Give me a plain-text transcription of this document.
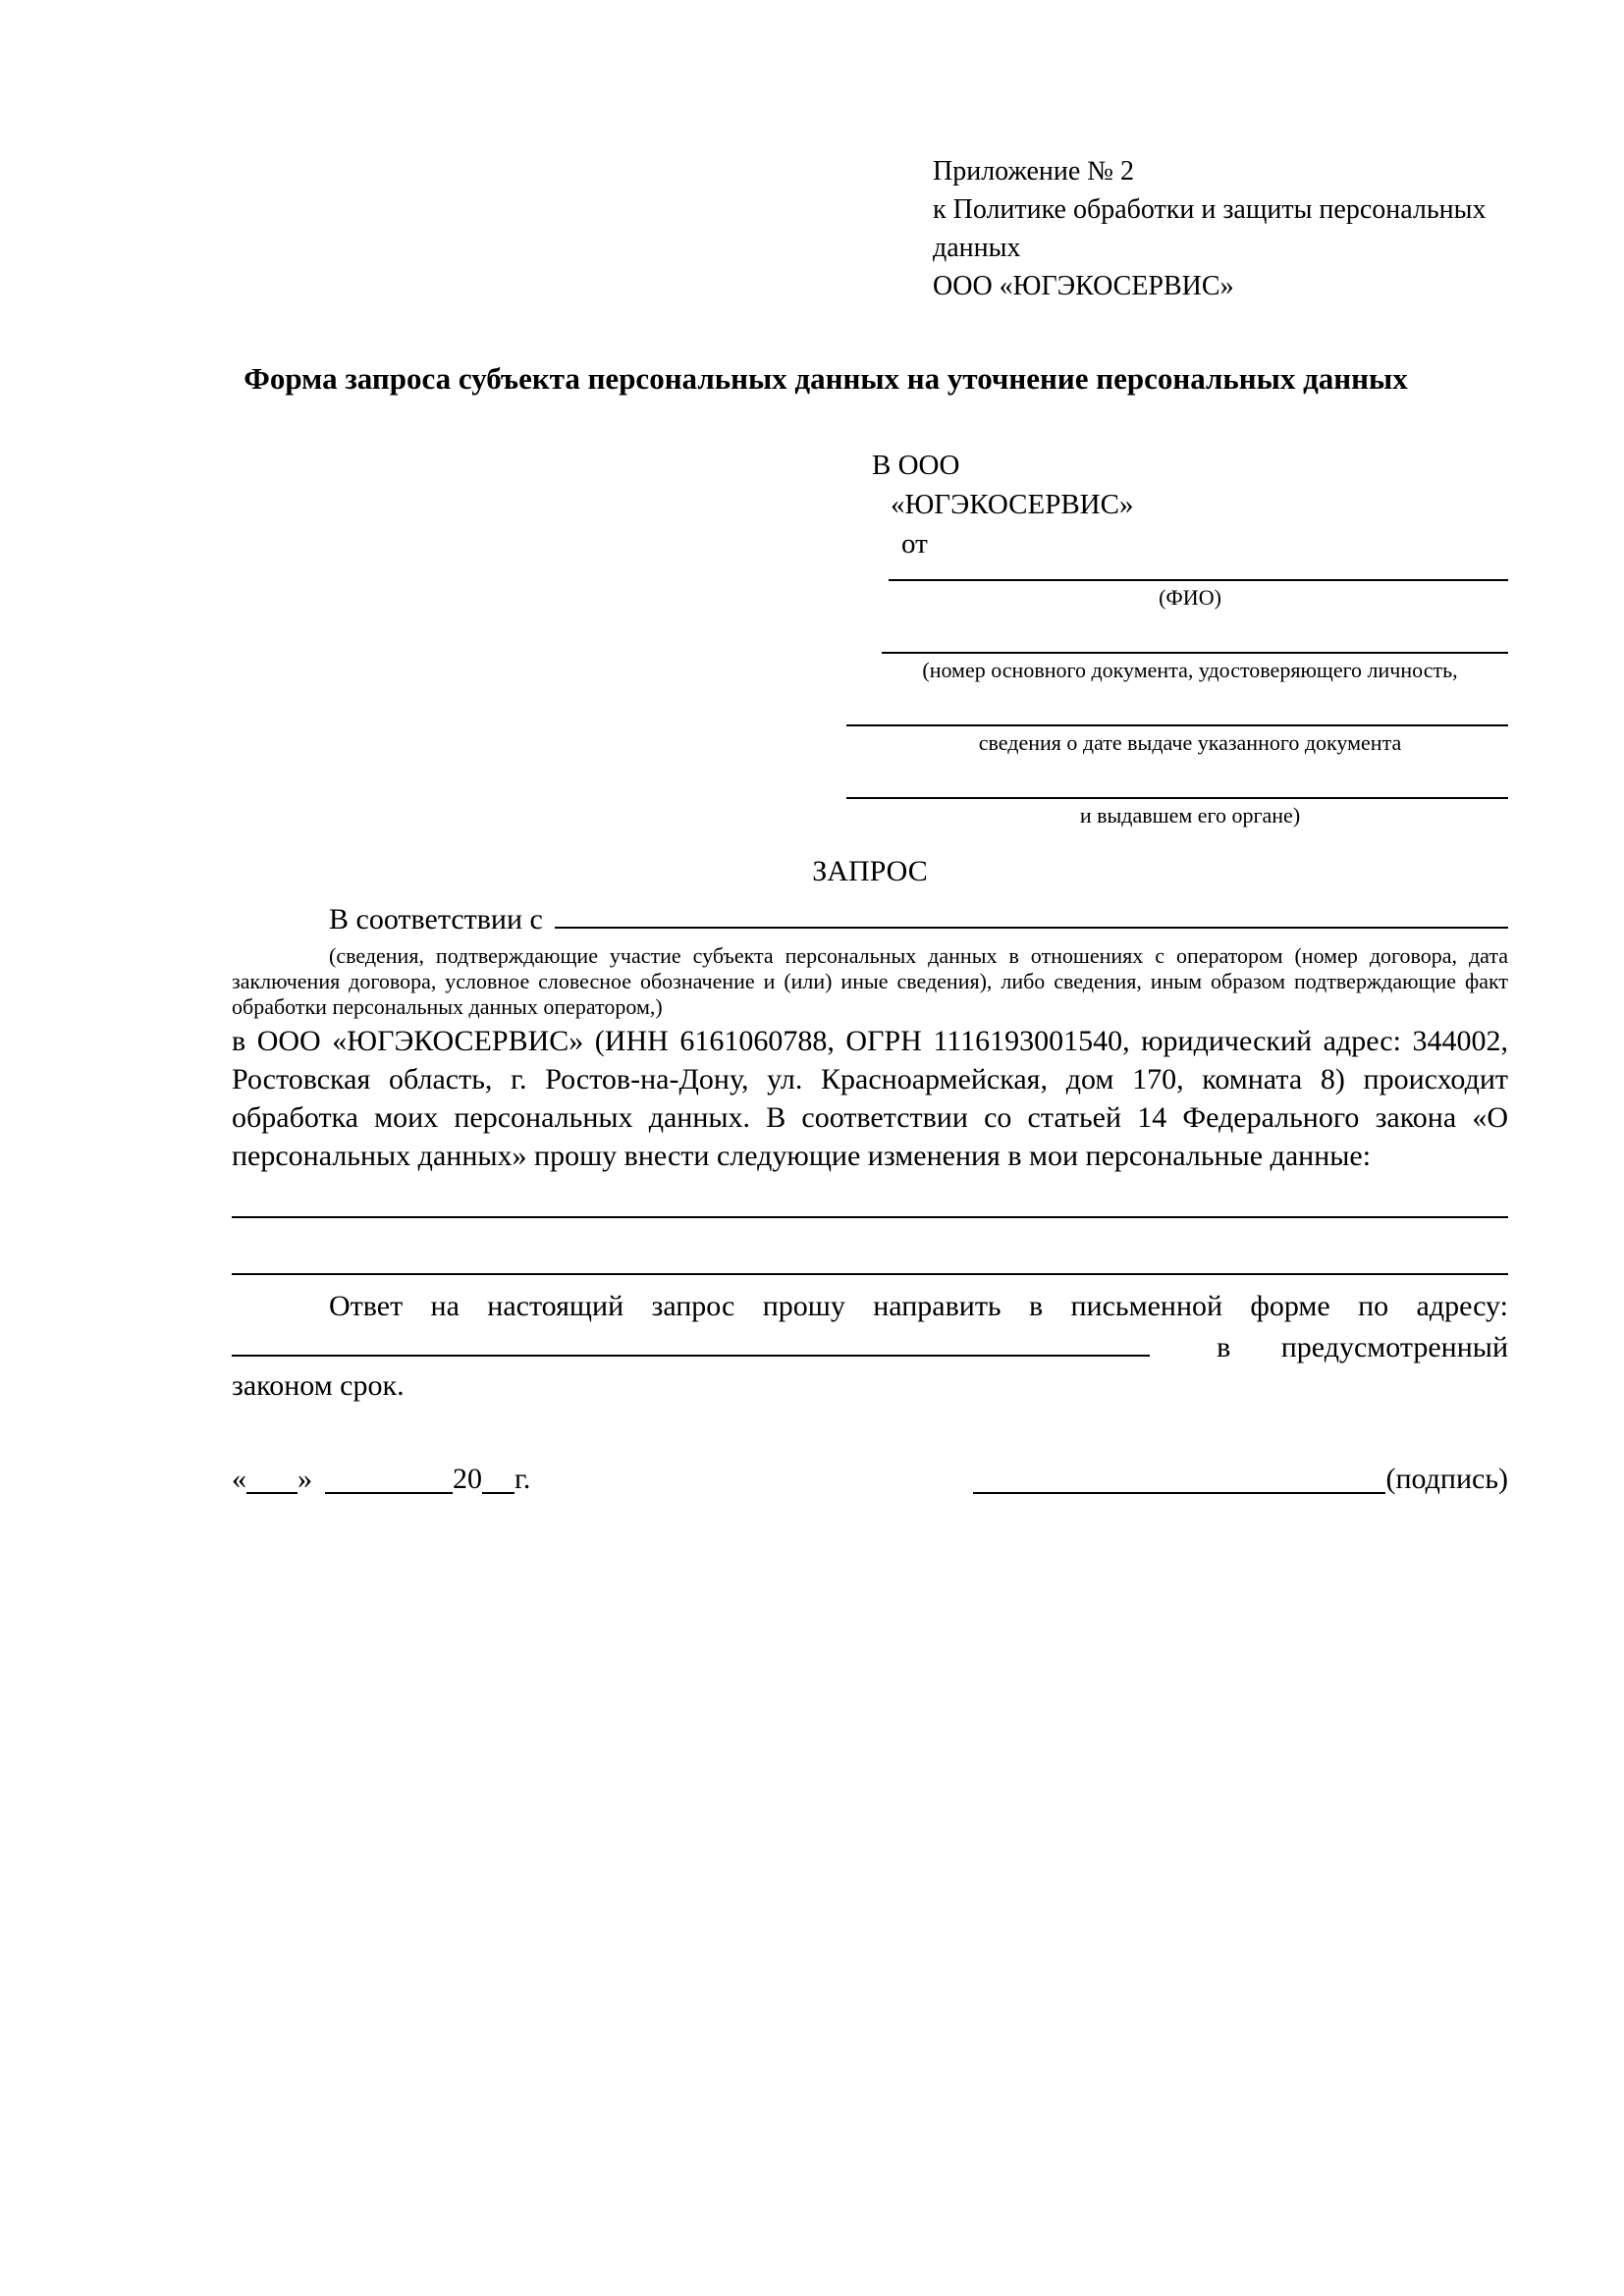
Приложение № 2
к Политике обработки и защиты персональных данных
ООО «ЮГЭКОСЕРВИС»
Форма запроса субъекта персональных данных на уточнение персональных данных
В ООО
«ЮГЭКОСЕРВИС»
от
(ФИО)
(номер основного документа, удостоверяющего личность,
сведения о дате выдаче указанного документа
и выдавшем его органе)
ЗАПРОС
В соответствии с
(сведения, подтверждающие участие субъекта персональных данных в отношениях с оператором (номер договора, дата заключения договора, условное словесное обозначение и (или) иные сведения), либо сведения, иным образом подтверждающие факт обработки персональных данных оператором,)
в ООО «ЮГЭКОСЕРВИС» (ИНН 6161060788, ОГРН 1116193001540, юридический адрес: 344002, Ростовская область, г. Ростов-на-Дону, ул. Красноармейская, дом 170, комната 8) происходит обработка моих персональных данных. В соответствии со статьей 14 Федерального закона «О персональных данных» прошу внести следующие изменения в мои персональные данные:
Ответ на настоящий запрос прошу направить в письменной форме по адресу:
в предусмотренный
законом срок.
« »	20 г.	(подпись)
